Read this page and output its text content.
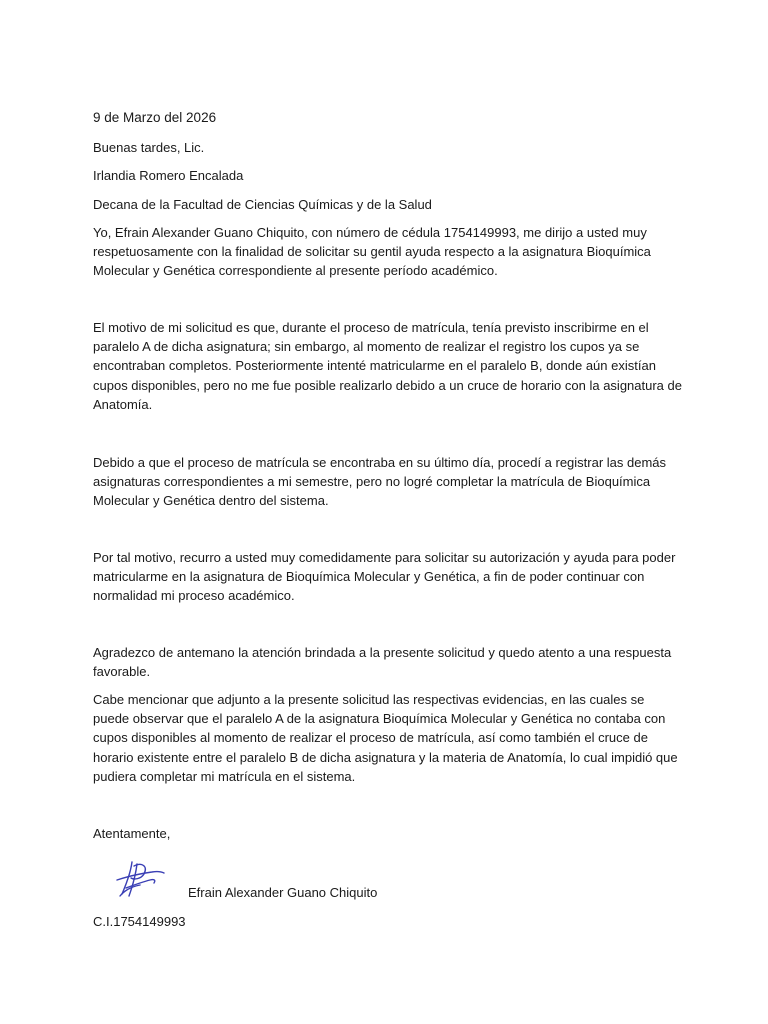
9 de Marzo del 2026
Buenas tardes, Lic.
Irlandia Romero Encalada
Decana de la Facultad de Ciencias Químicas y de la Salud
Yo, Efrain Alexander Guano Chiquito, con número de cédula 1754149993, me dirijo a usted muy respetuosamente con la finalidad de solicitar su gentil ayuda respecto a la asignatura Bioquímica Molecular y Genética correspondiente al presente período académico.
El motivo de mi solicitud es que, durante el proceso de matrícula, tenía previsto inscribirme en el paralelo A de dicha asignatura; sin embargo, al momento de realizar el registro los cupos ya se encontraban completos. Posteriormente intenté matricularme en el paralelo B, donde aún existían cupos disponibles, pero no me fue posible realizarlo debido a un cruce de horario con la asignatura de Anatomía.
Debido a que el proceso de matrícula se encontraba en su último día, procedí a registrar las demás asignaturas correspondientes a mi semestre, pero no logré completar la matrícula de Bioquímica Molecular y Genética dentro del sistema.
Por tal motivo, recurro a usted muy comedidamente para solicitar su autorización y ayuda para poder matricularme en la asignatura de Bioquímica Molecular y Genética, a fin de poder continuar con normalidad mi proceso académico.
Agradezco de antemano la atención brindada a la presente solicitud y quedo atento a una respuesta favorable.
Cabe mencionar que adjunto a la presente solicitud las respectivas evidencias, en las cuales se puede observar que el paralelo A de la asignatura Bioquímica Molecular y Genética no contaba con cupos disponibles al momento de realizar el proceso de matrícula, así como también el cruce de horario existente entre el paralelo B de dicha asignatura y la materia de Anatomía, lo cual impidió que pudiera completar mi matrícula en el sistema.
Atentamente,
Efrain Alexander Guano Chiquito
C.I.1754149993
